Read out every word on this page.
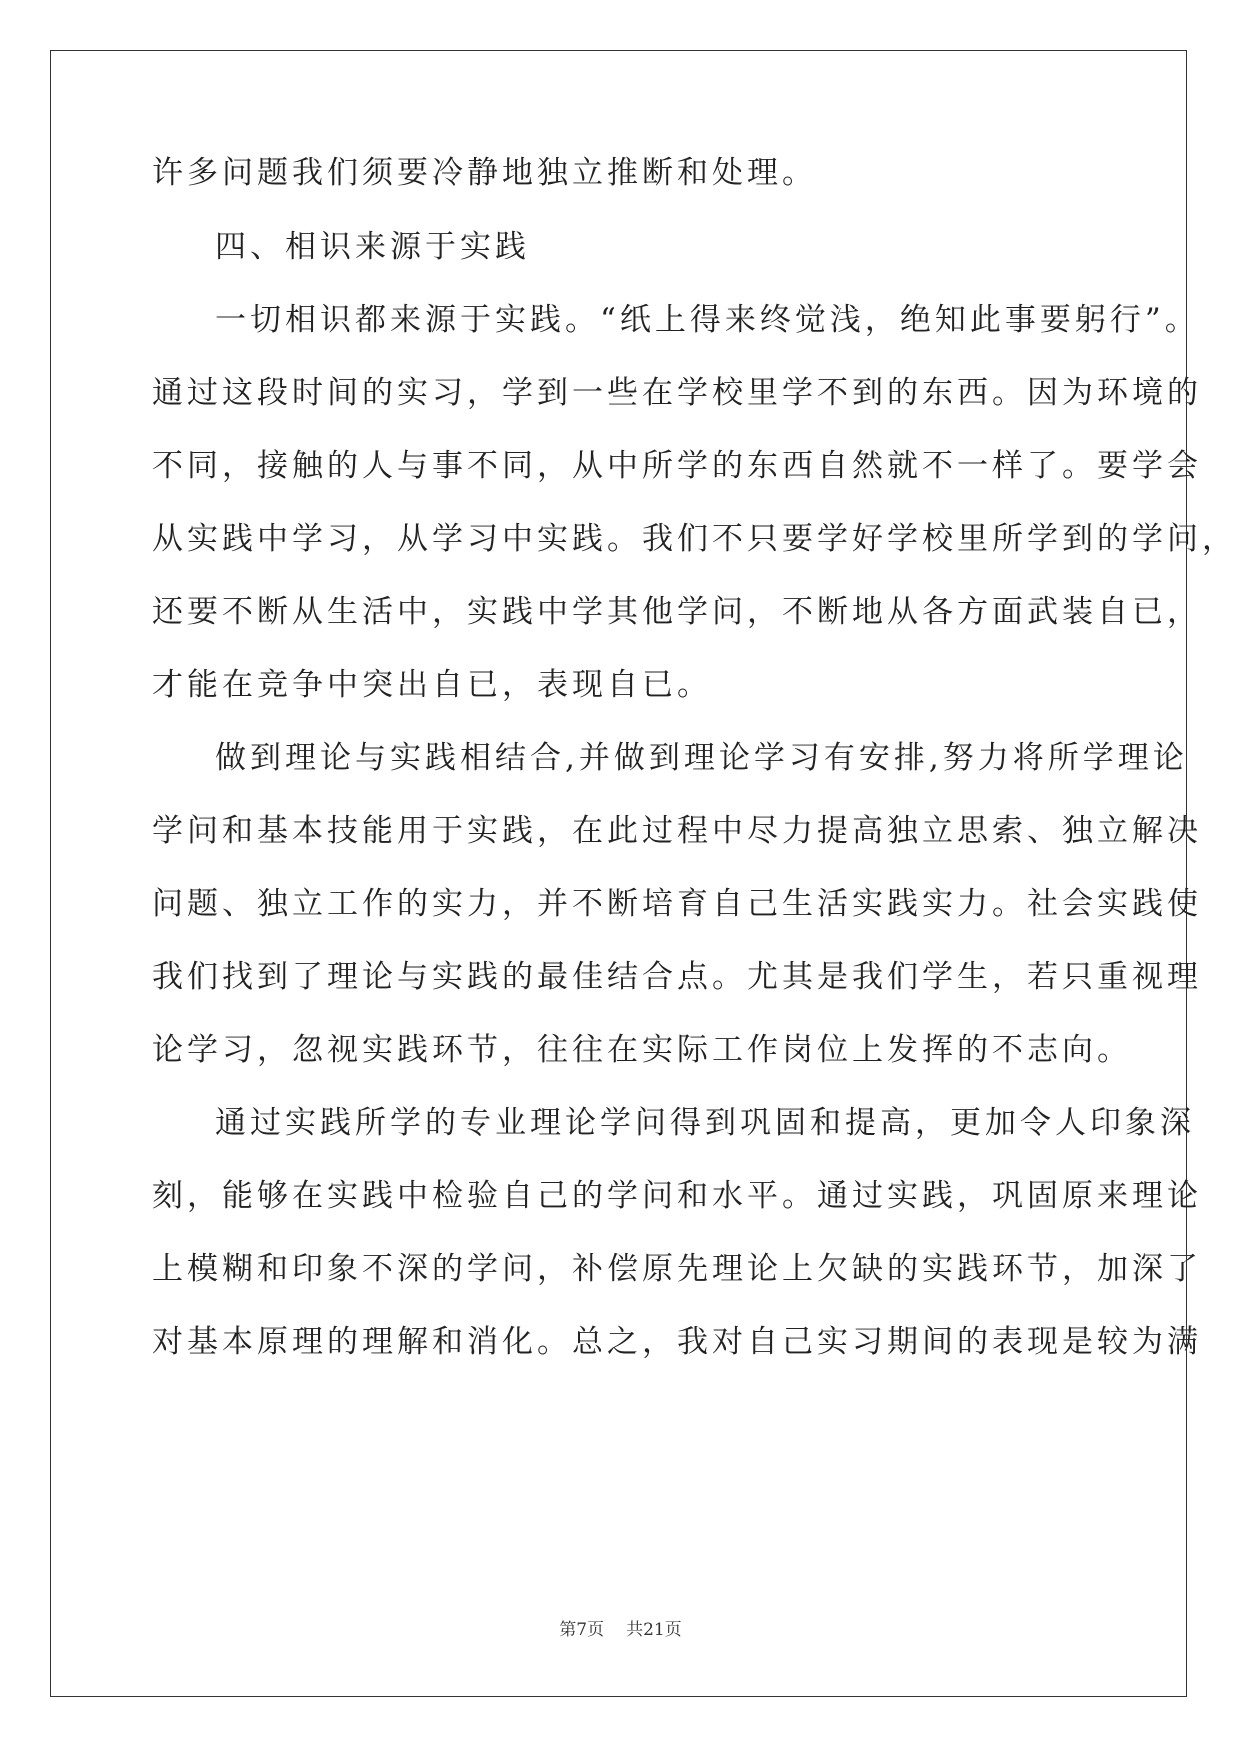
许多问题我们须要冷静地独立推断和处理。

四、相识来源于实践

一切相识都来源于实践。“纸上得来终觉浅，绝知此事要躬行”。

通过这段时间的实习，学到一些在学校里学不到的东西。因为环境的

不同，接触的人与事不同，从中所学的东西自然就不一样了。要学会

从实践中学习，从学习中实践。我们不只要学好学校里所学到的学问，

还要不断从生活中，实践中学其他学问，不断地从各方面武装自已，

才能在竞争中突出自已，表现自已。

做到理论与实践相结合,并做到理论学习有安排,努力将所学理论

学问和基本技能用于实践，在此过程中尽力提高独立思索、独立解决

问题、独立工作的实力，并不断培育自己生活实践实力。社会实践使

我们找到了理论与实践的最佳结合点。尤其是我们学生，若只重视理

论学习，忽视实践环节，往往在实际工作岗位上发挥的不志向。

通过实践所学的专业理论学问得到巩固和提高，更加令人印象深

刻，能够在实践中检验自己的学问和水平。通过实践，巩固原来理论

上模糊和印象不深的学问，补偿原先理论上欠缺的实践环节，加深了

对基本原理的理解和消化。总之，我对自己实习期间的表现是较为满

第7页 共21页
